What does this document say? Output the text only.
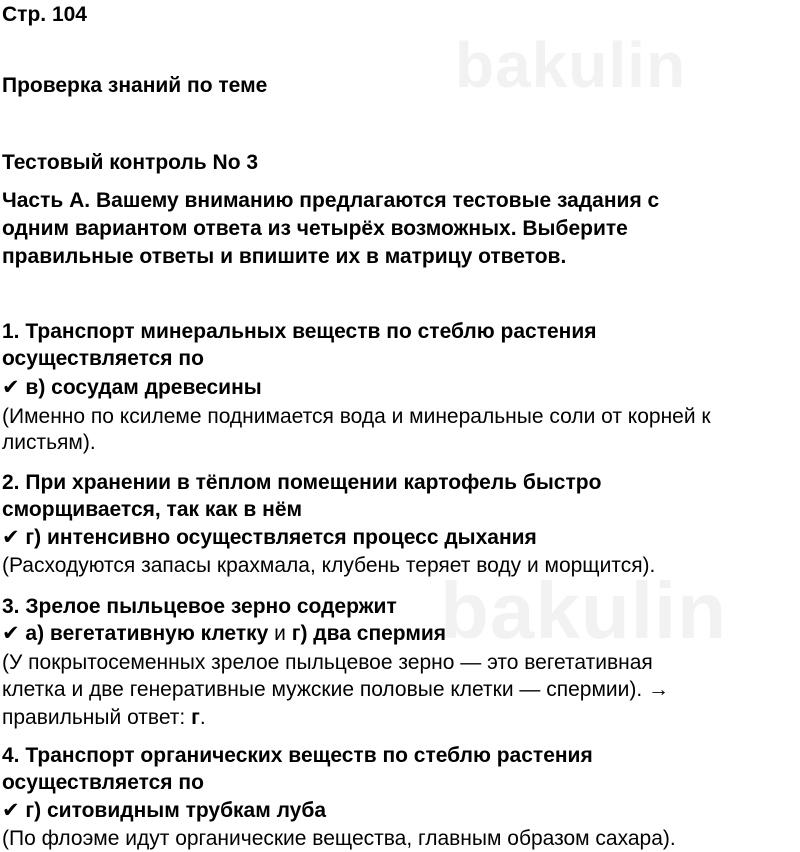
bakulin
bakulin
Стр. 104
Проверка знаний по теме
Тестовый контроль No 3
Часть А. Вашему вниманию предлагаются тестовые задания с
одним вариантом ответа из четырёх возможных. Выберите
правильные ответы и впишите их в матрицу ответов.
1. Транспорт минеральных веществ по стеблю растения
осуществляется по
✔ в) сосудам древесины
(Именно по ксилеме поднимается вода и минеральные соли от корней к
листьям).
2. При хранении в тёплом помещении картофель быстро
сморщивается, так как в нём
✔ г) интенсивно осуществляется процесс дыхания
(Расходуются запасы крахмала, клубень теряет воду и морщится).
3. Зрелое пыльцевое зерно содержит
✔ а) вегетативную клетку и г) два спермия
(У покрытосеменных зрелое пыльцевое зерно — это вегетативная
клетка и две генеративные мужские половые клетки — спермии). →
правильный ответ: г.
4. Транспорт органических веществ по стеблю растения
осуществляется по
✔ г) ситовидным трубкам луба
(По флоэме идут органические вещества, главным образом сахара).
